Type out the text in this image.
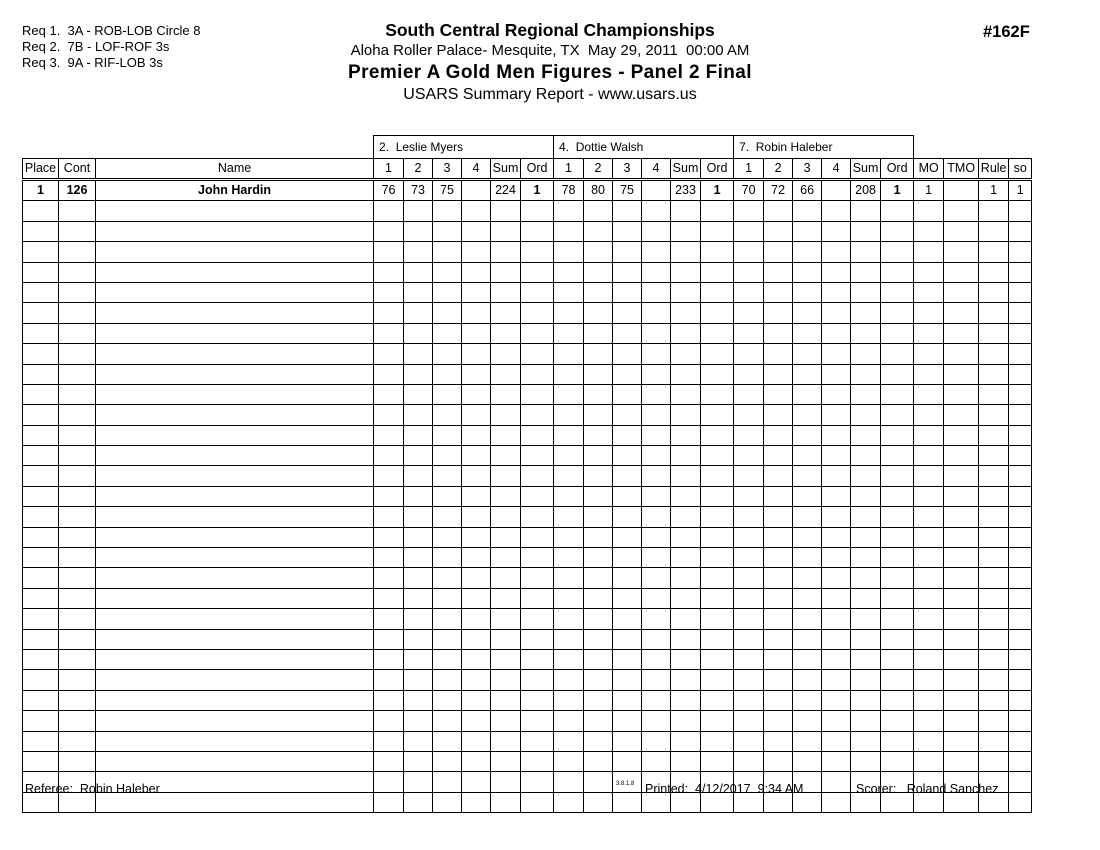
Req 1.  3A - ROB-LOB Circle 8
Req 2.  7B - LOF-ROF 3s
Req 3.  9A - RIF-LOB 3s
South Central Regional Championships
Aloha Roller Palace- Mesquite, TX  May 29, 2011  00:00 AM
Premier A Gold Men Figures - Panel 2 Final
USARS Summary Report - www.usars.us
#162F
			2.  Leslie Myers						4.  Dottie Walsh						7.  Robin Haleber									
Place	Cont	Name	1	2	3	4	Sum	Ord	1	2	3	4	Sum	Ord	1	2	3	4	Sum	Ord	MO	TMO	Rule	so
1	126	John Hardin	76	73	75		224	1	78	80	75		233	1	70	72	66		208	1	1		1	1

Referee:  Robin Haleber	3.8.1.8 Printed:  4/12/2017  9:34 AM	Scorer:   Roland Sanchez
